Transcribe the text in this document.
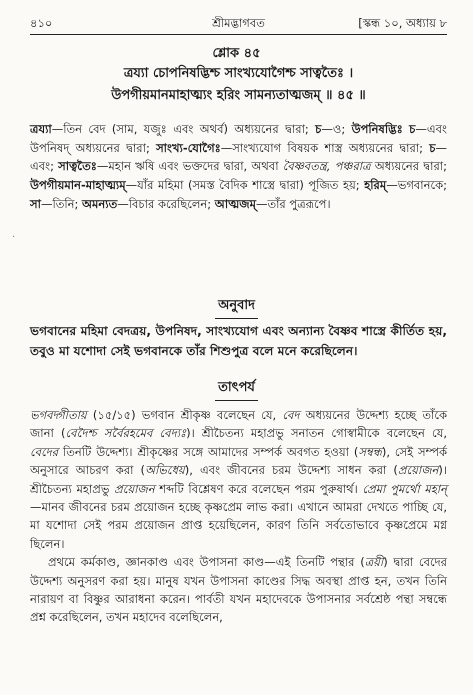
৪১০	শ্রীমদ্ভাগবত	[স্কন্ধ ১০, অধ্যায় ৮
শ্লোক ৪৫
ত্রয্যা চোপনিষদ্ভিশ্চ সাংখ্যযোগৈশ্চ সাত্বতৈঃ ।
উপগীয়মানমাহাত্ম্যং হরিং সামন্যতাত্মজম্‌ ॥ ৪৫ ॥
·
ত্রয্যা—তিন বেদ (সাম, যজুঃ এবং অথর্ব) অধ্যয়নের দ্বারা; চ—ও; উপনিষদ্ভিঃ চ—এবং উপনিষদ্‌ অধ্যয়নের দ্বারা; সাংখ্য-যোগৈঃ—সাংখ্যযোগ বিষয়ক শাস্ত্র অধ্যয়নের দ্বারা; চ—এবং; সাত্বতৈঃ—মহান ঋষি এবং ভক্তদের দ্বারা, অথবা বৈষ্ণবতন্ত্র, পঞ্চরাত্র অধ্যয়নের দ্বারা; উপগীয়মান-মাহাত্ম্যম্‌—যাঁর মহিমা (সমস্ত বৈদিক শাস্ত্রে দ্বারা) পূজিত হয়; হরিম্‌—ভগবানকে; সা—তিনি; অমন্যত—বিচার করেছিলেন; আত্মজম্‌—তাঁর পুত্ররূপে।
অনুবাদ
ভগবানের মহিমা বেদত্রয়, উপনিষদ, সাংখ্যযোগ এবং অন্যান্য বৈষ্ণব শাস্ত্রে কীর্তিত হয়, তবুও মা যশোদা সেই ভগবানকে তাঁর শিশুপুত্র বলে মনে করেছিলেন।
তাৎপর্য

ভগবদ্গীতায় (১৫/১৫) ভগবান শ্রীকৃষ্ণ বলেছেন যে, বেদ অধ্যয়নের উদ্দেশ্য হচ্ছে তাঁকে জানা (বেদৈশ্চ সর্বৈরহমেব বেদ্যঃ)। শ্রীচৈতন্য মহাপ্রভু সনাতন গোস্বামীকে বলেছেন যে, বেদের তিনটি উদ্দেশ্য। শ্রীকৃষ্ণের সঙ্গে আমাদের সম্পর্ক অবগত হওয়া (সম্বন্ধ), সেই সম্পর্ক অনুসারে আচরণ করা (অভিধেয়), এবং জীবনের চরম উদ্দেশ্য সাধন করা (প্রয়োজন)। শ্রীচৈতন্য মহাপ্রভু প্রয়োজন শব্দটি বিশ্লেষণ করে বলেছেন পরম পুরুষার্থ। প্রেমা পুমর্থো মহান্‌—মানব জীবনের চরম প্রয়োজন হচ্ছে কৃষ্ণপ্রেম লাভ করা। এখানে আমরা দেখতে পাচ্ছি যে, মা যশোদা সেই পরম প্রয়োজন প্রাপ্ত হয়েছিলেন, কারণ তিনি সর্বতোভাবে কৃষ্ণপ্রেমে মগ্ন ছিলেন।

প্রথমে কর্মকাণ্ড, জ্ঞানকাণ্ড এবং উপাসনা কাণ্ড—এই তিনটি পন্থার (ত্রয়ী) দ্বারা বেদের উদ্দেশ্য অনুসরণ করা হয়। মানুষ যখন উপাসনা কাণ্ডের সিদ্ধ অবস্থা প্রাপ্ত হন, তখন তিনি নারায়ণ বা বিষ্ণুর আরাধনা করেন। পার্বতী যখন মহাদেবকে উপাসনার সর্বশ্রেষ্ঠ পন্থা সম্বন্ধে প্রশ্ন করেছিলেন, তখন মহাদেব বলেছিলেন,
